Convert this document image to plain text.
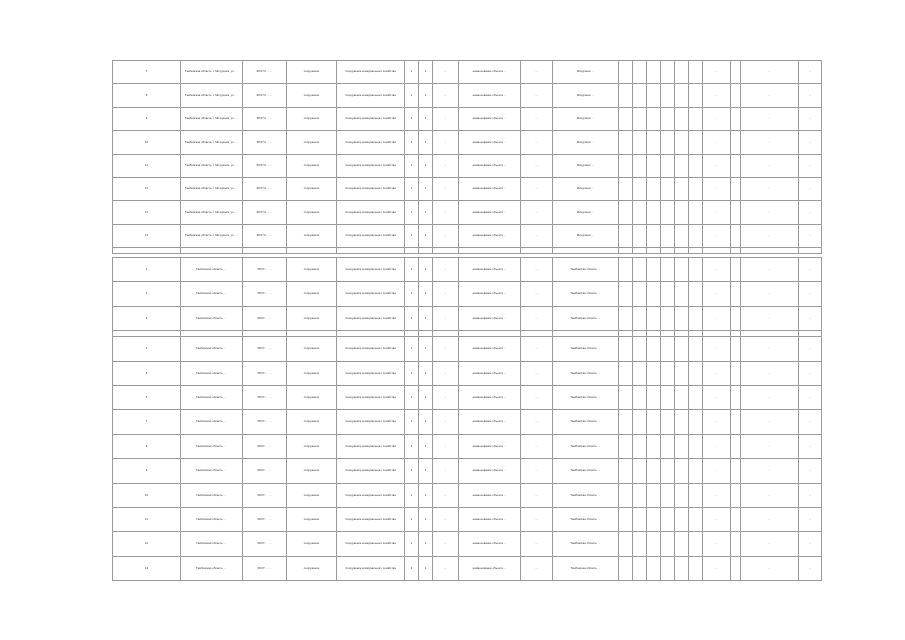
7	Тамбовская область, г. Мичуринск, ул. …	68:07:0… …	сооружение	Сооружение коммунального хозяйства	1	1	…	наименование объекта …	…	Мичуринск …							…		…	…
8	Тамбовская область, г. Мичуринск, ул. …	68:07:0… …	сооружение	Сооружение коммунального хозяйства	1	1	…	наименование объекта …	…	Мичуринск …							…		…	…
9	Тамбовская область, г. Мичуринск, ул. …	68:07:0… …	сооружение	Сооружение коммунального хозяйства	1	1	…	наименование объекта …	…	Мичуринск …							…		…	…
10	Тамбовская область, г. Мичуринск, ул. …	68:07:0… …	сооружение	Сооружение коммунального хозяйства	1	1	…	наименование объекта …	…	Мичуринск …							…		…	…
11	Тамбовская область, г. Мичуринск, ул. …	68:07:0… …	сооружение	Сооружение коммунального хозяйства	1	1	…	наименование объекта …	…	Мичуринск …							…		…	…
12	Тамбовская область, г. Мичуринск, ул. …	68:07:0… …	сооружение	Сооружение коммунального хозяйства	1	1	…	наименование объекта …	…	Мичуринск …							…		…	…
13	Тамбовская область, г. Мичуринск, ул. …	68:07:0… …	сооружение	Сооружение коммунального хозяйства	1	1	…	наименование объекта …	…	Мичуринск …							…		…	…
14	Тамбовская область, г. Мичуринск, ул. …	68:07:0… …	сооружение	Сооружение коммунального хозяйства	1	1	…	наименование объекта …	…	Мичуринск …							…		…	…

1	Тамбовская область, …	68:07:… …	сооружение	Сооружение коммунального хозяйства	1	1	…	наименование объекта …	…	Тамбовская область …							…		…	…
2	Тамбовская область, …	68:07:… …	сооружение	Сооружение коммунального хозяйства	1	1	…	наименование объекта …	…	Тамбовская область …							…		…	…
3	Тамбовская область, …	68:07:… …	сооружение	Сооружение коммунального хозяйства	1	1	…	наименование объекта …	…	Тамбовская область …							…		…	…

4	Тамбовская область, …	68:07:… …	сооружение	Сооружение коммунального хозяйства	1	1	…	наименование объекта …	…	Тамбовская область …							…		…	…
5	Тамбовская область, …	68:07:… …	сооружение	Сооружение коммунального хозяйства	1	1	…	наименование объекта …	…	Тамбовская область …							…		…	…
6	Тамбовская область, …	68:07:… …	сооружение	Сооружение коммунального хозяйства	1	1	…	наименование объекта …	…	Тамбовская область …							…		…	…
7	Тамбовская область, …	68:07:… …	сооружение	Сооружение коммунального хозяйства	1	1	…	наименование объекта …	…	Тамбовская область …							…		…	…
8	Тамбовская область, …	68:07:… …	сооружение	Сооружение коммунального хозяйства	1	1	…	наименование объекта …	…	Тамбовская область …							…		…	…
9	Тамбовская область, …	68:07:… …	сооружение	Сооружение коммунального хозяйства	1	1	…	наименование объекта …	…	Тамбовская область …							…		…	…
10	Тамбовская область, …	68:07:… …	сооружение	Сооружение коммунального хозяйства	1	1	…	наименование объекта …	…	Тамбовская область …							…		…	…
11	Тамбовская область, …	68:07:… …	сооружение	Сооружение коммунального хозяйства	1	1	…	наименование объекта …	…	Тамбовская область …							…		…	…
12	Тамбовская область, …	68:07:… …	сооружение	Сооружение коммунального хозяйства	1	1	…	наименование объекта …	…	Тамбовская область …							…		…	…
13	Тамбовская область, …	68:07:… …	сооружение	Сооружение коммунального хозяйства	1	1	…	наименование объекта …	…	Тамбовская область …							…		…	…
